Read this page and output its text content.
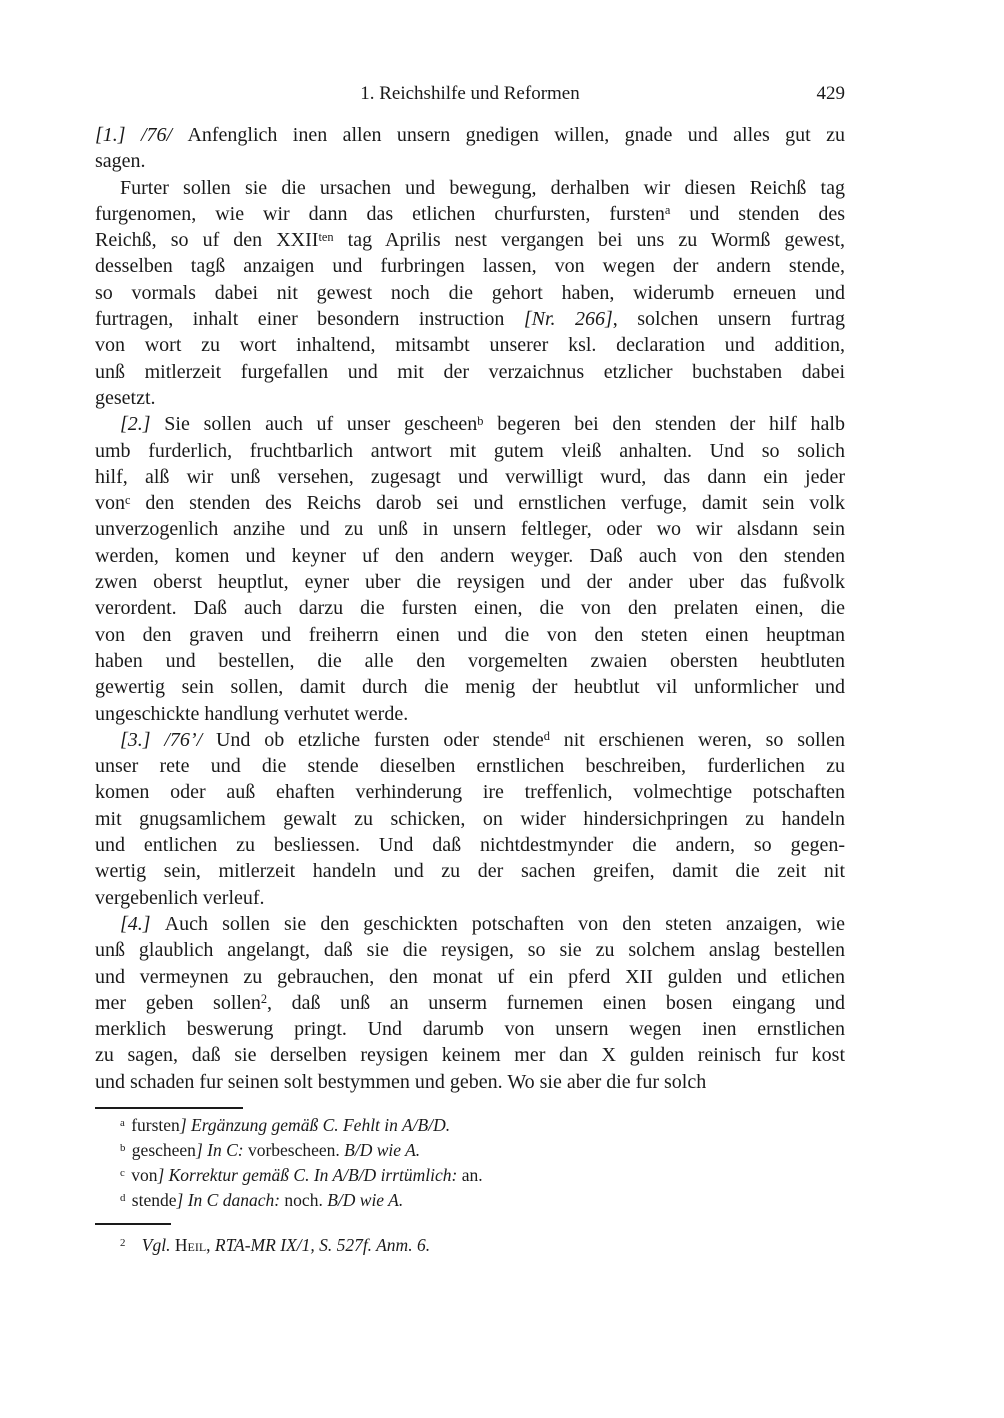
1. Reichshilfe und Reformen	429
[1.] /76/ Anfenglich inen allen unsern gnedigen willen, gnade und alles gut zu
sagen.
Furter sollen sie die ursachen und bewegung, derhalben wir diesen Reichß tag
furgenomen, wie wir dann das etlichen churfursten, fursten$^a$ und stenden des
Reichß, so uf den $XXII^{ten}$ tag Aprilis nest vergangen bei uns zu Wormß gewest,
desselben tagß anzaigen und furbringen lassen, von wegen der andern stende,
so vormals dabei nit gewest noch die gehort haben, widerumb erneuen und
furtragen, inhalt einer besondern instruction [Nr. 266], solchen unsern furtrag
von wort zu wort inhaltend, mitsambt unserer ksl. declaration und addition,
unß mitlerzeit furgefallen und mit der verzaichnus etzlicher buchstaben dabei
gesetzt.
[2.] Sie sollen auch uf unser gescheen$^b$ begeren bei den stenden der hilf halb
umb furderlich, fruchtbarlich antwort mit gutem vleiß anhalten. Und so solich
hilf, alß wir unß versehen, zugesagt und verwilligt wurd, das dann ein jeder
von$^c$ den stenden des Reichs darob sei und ernstlichen verfuge, damit sein volk
unverzogenlich anzihe und zu unß in unsern feltleger, oder wo wir alsdann sein
werden, komen und keyner uf den andern weyger. Daß auch von den stenden
zwen oberst heuptlut, eyner uber die reysigen und der ander uber das fußvolk
verordent. Daß auch darzu die fursten einen, die von den prelaten einen, die
von den graven und freiherrn einen und die von den steten einen heuptman
haben und bestellen, die alle den vorgemelten zwaien obersten heubtluten
gewertig sein sollen, damit durch die menig der heubtlut vil unformlicher und
ungeschickte handlung verhutet werde.
[3.] /76’/ Und ob etzliche fursten oder stende$^d$ nit erschienen weren, so sollen
unser rete und die stende dieselben ernstlichen beschreiben, furderlichen zu
komen oder auß ehaften verhinderung ire treffenlich, volmechtige potschaften
mit gnugsamlichem gewalt zu schicken, on wider hindersichpringen zu handeln
und entlichen zu besliessen. Und daß nichtdestmynder die andern, so gegen-
wertig sein, mitlerzeit handeln und zu der sachen greifen, damit die zeit nit
vergebenlich verleuf.
[4.] Auch sollen sie den geschickten potschaften von den steten anzaigen, wie
unß glaublich angelangt, daß sie die reysigen, so sie zu solchem anslag bestellen
und vermeynen zu gebrauchen, den monat uf ein pferd XII gulden und etlichen
mer geben sollen$^2$, daß unß an unserm furnemen einen bosen eingang und
merklich beswerung pringt. Und darumb von unsern wegen inen ernstlichen
zu sagen, daß sie derselben reysigen keinem mer dan X gulden reinisch fur kost
und schaden fur seinen solt bestymmen und geben. Wo sie aber die fur solch
$^a$ fursten] Ergänzung gemäß C. Fehlt in A/B/D.
$^b$ gescheen] In C: vorbescheen. B/D wie A.
$^c$ von] Korrektur gemäß C. In A/B/D irrtümlich: an.
$^d$ stende] In C danach: noch. B/D wie A.
$^2$ Vgl. Heil, RTA-MR IX/1, S. 527f. Anm. 6.
